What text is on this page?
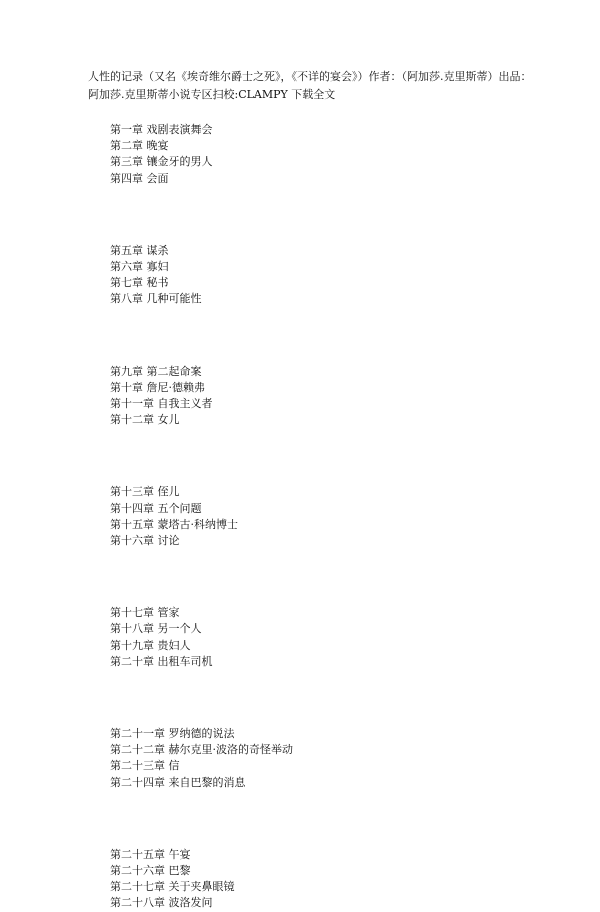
人性的记录（又名《埃奇维尔爵士之死》，《不详的宴会》）作者：（阿加莎.克里斯蒂）出品：

阿加莎.克里斯蒂小说专区扫校:CLAMPY 下载全文

第一章 戏剧表演舞会
第二章 晚宴
第三章 镶金牙的男人
第四章 会面
第五章 谋杀
第六章 寡妇
第七章 秘书
第八章 几种可能性
第九章 第二起命案
第十章 詹尼·德赖弗
第十一章 自我主义者
第十二章 女儿
第十三章 侄儿
第十四章 五个问题
第十五章 蒙塔古·科纳博士
第十六章 讨论
第十七章 管家
第十八章 另一个人
第十九章 贵妇人
第二十章 出租车司机
第二十一章 罗纳德的说法
第二十二章 赫尔克里·波洛的奇怪举动
第二十三章 信
第二十四章 来自巴黎的消息
第二十五章 午宴
第二十六章 巴黎
第二十七章 关于夹鼻眼镜
第二十八章 波洛发问
